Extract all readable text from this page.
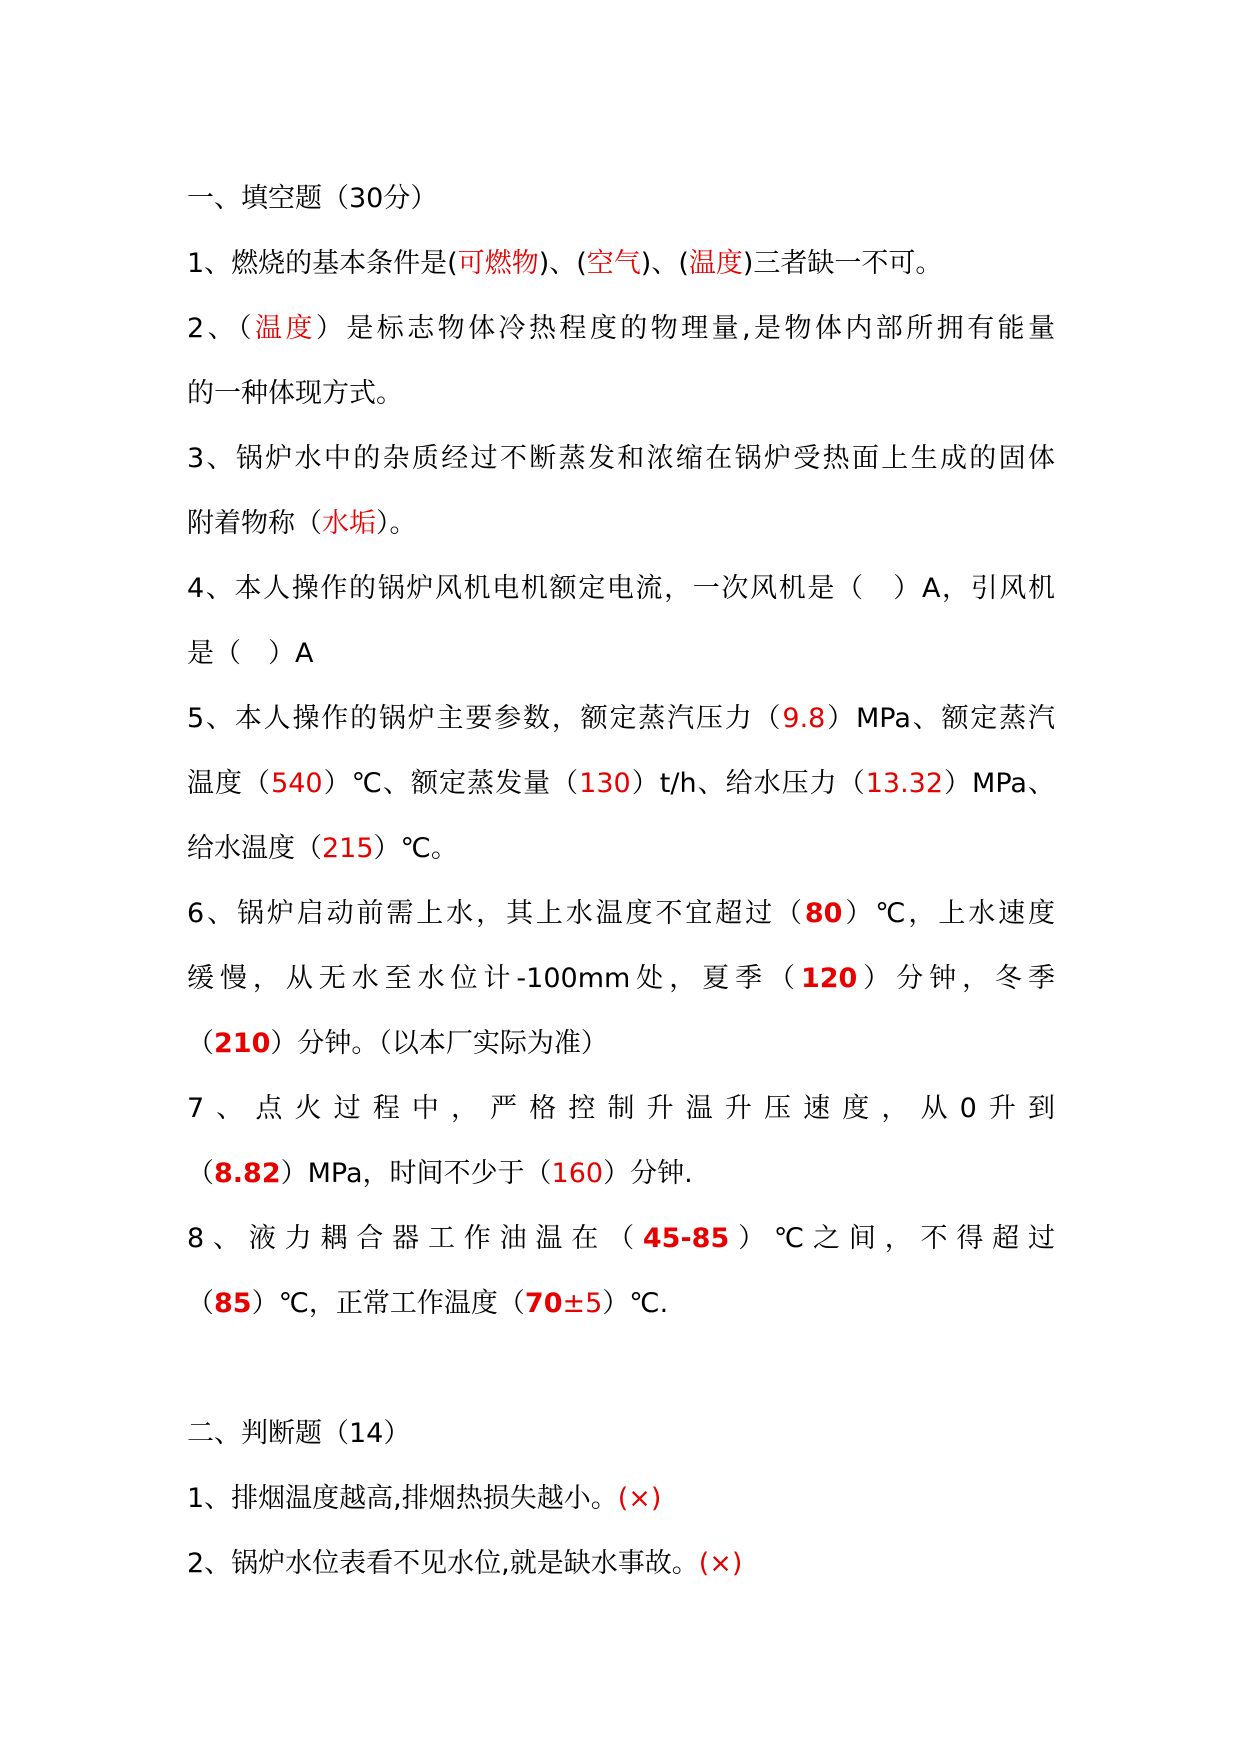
一、填空题（30分）

1、燃烧的基本条件是(可燃物)、(空气)、(温度)三者缺一不可。

2、（温度）是标志物体冷热程度的物理量,是物体内部所拥有能量

的一种体现方式。

3、锅炉水中的杂质经过不断蒸发和浓缩在锅炉受热面上生成的固体

附着物称（水垢）。

4、本人操作的锅炉风机电机额定电流，一次风机是（　）A，引风机

是（　）A

5、本人操作的锅炉主要参数，额定蒸汽压力（9.8）MPa、额定蒸汽

温度（540）℃、额定蒸发量（130）t/h、给水压力（13.32）MPa、

给水温度（215）℃。

6、锅炉启动前需上水，其上水温度不宜超过（80）℃，上水速度

缓慢，从无水至水位计-100mm处，夏季（120）分钟，冬季

（210）分钟。（以本厂实际为准）

7、点火过程中，严格控制升温升压速度，从0升到

（8.82）MPa，时间不少于（160）分钟.

8、液力耦合器工作油温在（45-85）℃之间，不得超过

（85）℃，正常工作温度（70±5）℃.

二、判断题（14）

1、排烟温度越高,排烟热损失越小。(×)

2、锅炉水位表看不见水位,就是缺水事故。(×)
